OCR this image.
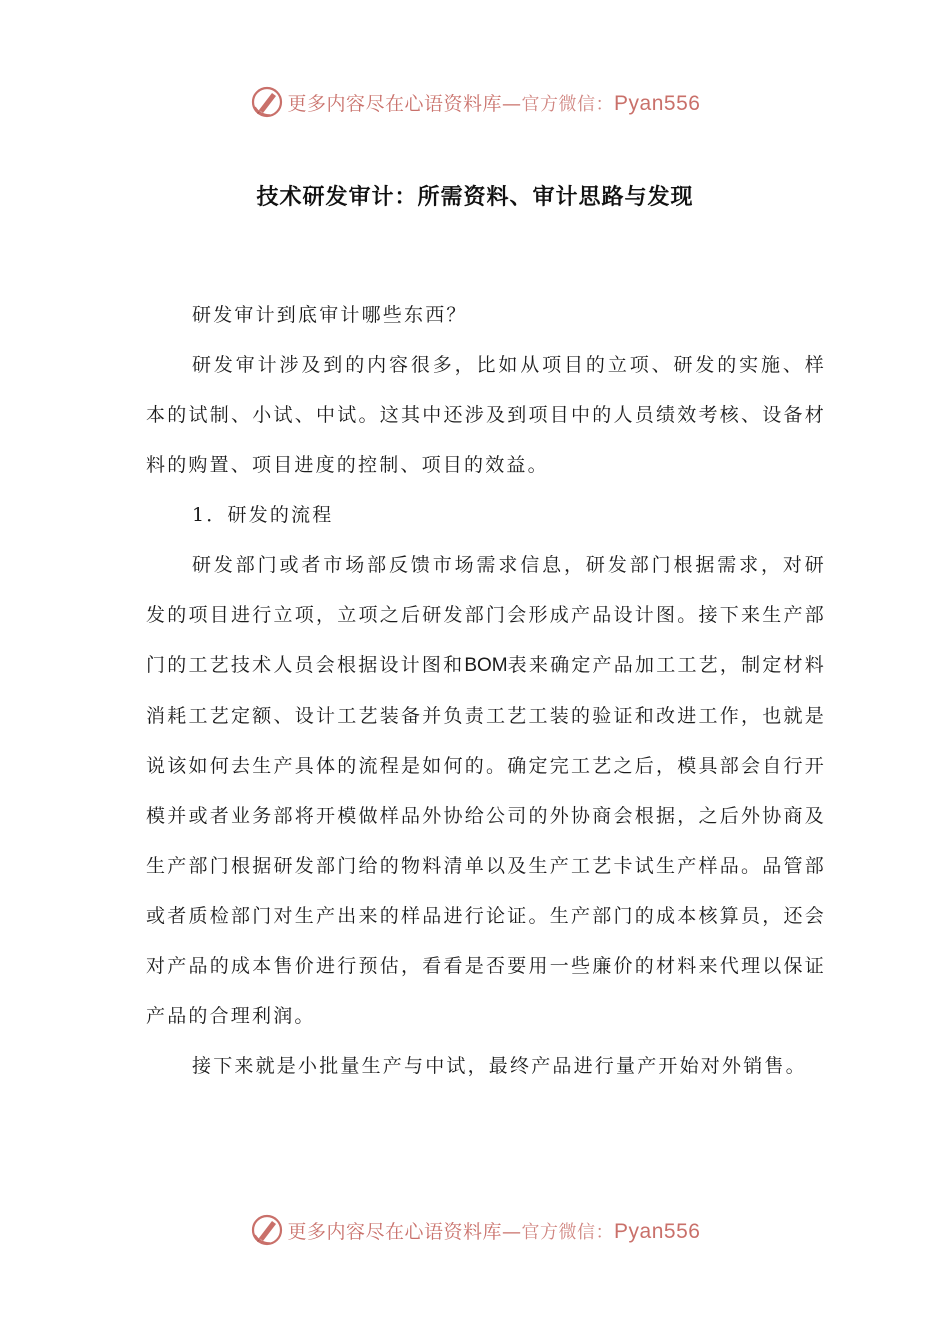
更多内容尽在心语资料库—官方微信：Pyan556
技术研发审计：所需资料、审计思路与发现

研发审计到底审计哪些东西？

研发审计涉及到的内容很多，比如从项目的立项、研发的实施、样本的试制、小试、中试。这其中还涉及到项目中的人员绩效考核、设备材料的购置、项目进度的控制、项目的效益。

1．研发的流程

研发部门或者市场部反馈市场需求信息，研发部门根据需求，对研发的项目进行立项，立项之后研发部门会形成产品设计图。接下来生产部门的工艺技术人员会根据设计图和BOM表来确定产品加工工艺，制定材料消耗工艺定额、设计工艺装备并负责工艺工装的验证和改进工作，也就是说该如何去生产具体的流程是如何的。确定完工艺之后，模具部会自行开模并或者业务部将开模做样品外协给公司的外协商会根据，之后外协商及生产部门根据研发部门给的物料清单以及生产工艺卡试生产样品。品管部或者质检部门对生产出来的样品进行论证。生产部门的成本核算员，还会对产品的成本售价进行预估，看看是否要用一些廉价的材料来代理以保证产品的合理利润。

接下来就是小批量生产与中试，最终产品进行量产开始对外销售。

更多内容尽在心语资料库—官方微信：Pyan556
